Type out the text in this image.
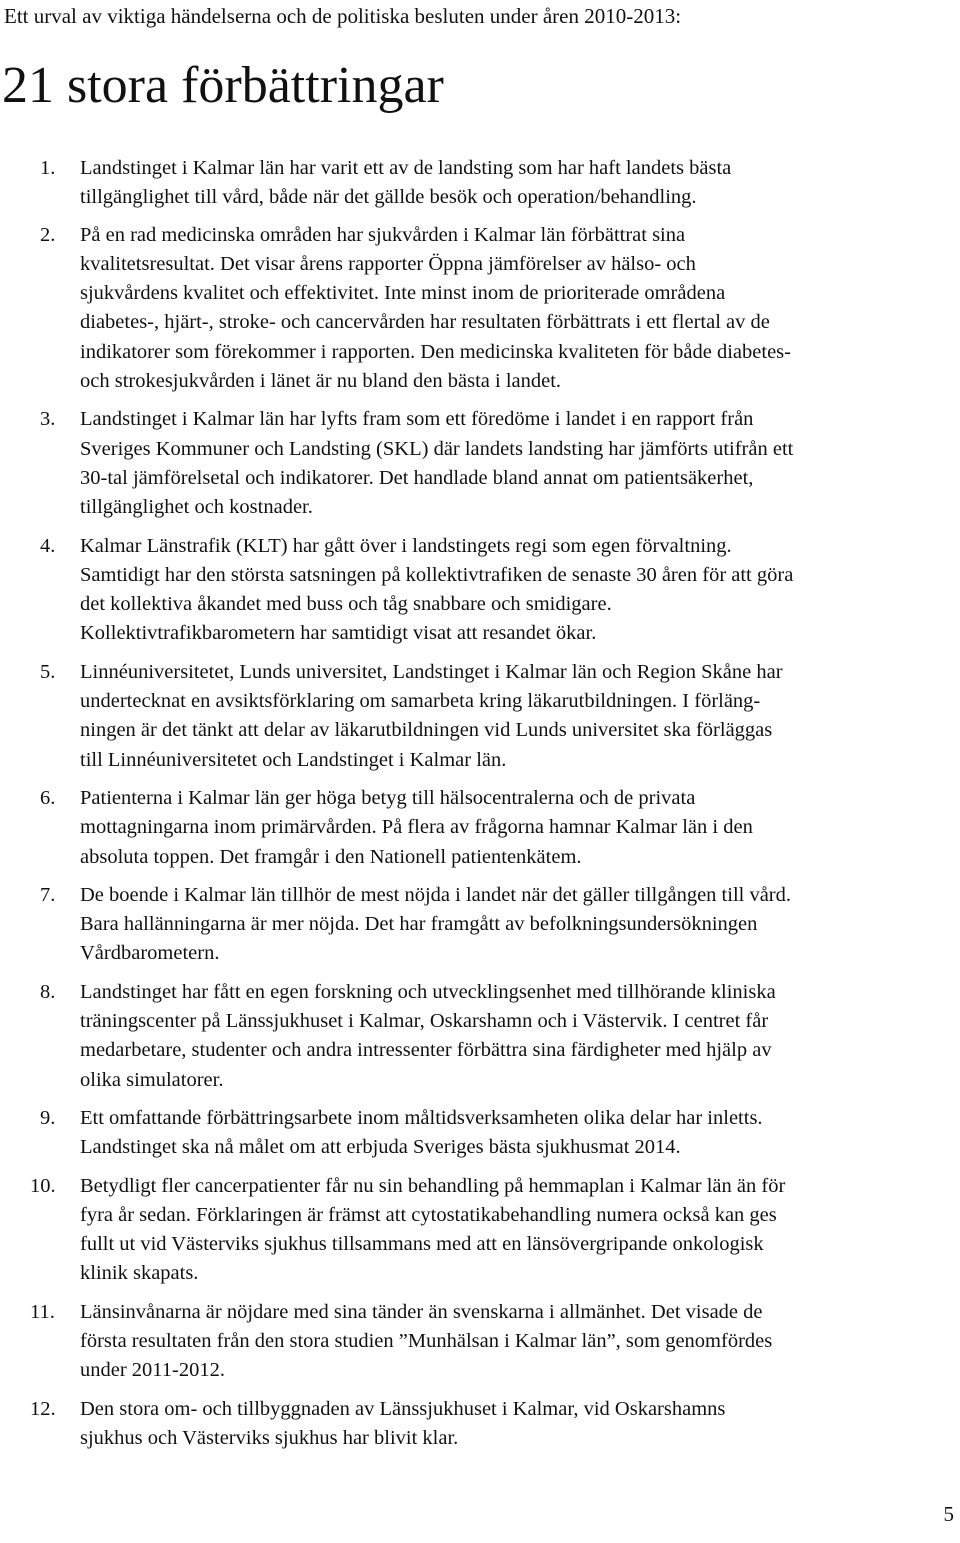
Ett urval av viktiga händelserna och de politiska besluten under åren 2010-2013:
21 stora förbättringar
1.	Landstinget i Kalmar län har varit ett av de landsting som har haft landets bästa
tillgänglighet till vård, både när det gällde besök och operation/behandling.
2.	På en rad medicinska områden har sjukvården i Kalmar län förbättrat sina
kvalitetsresultat. Det visar årens rapporter Öppna jämförelser av hälso- och
sjukvårdens kvalitet och effektivitet. Inte minst inom de prioriterade områdena
diabetes-, hjärt-, stroke- och cancervården har resultaten förbättrats i ett flertal av de
indikatorer som förekommer i rapporten. Den medicinska kvaliteten för både diabetes-
och strokesjukvården i länet är nu bland den bästa i landet.
3.	Landstinget i Kalmar län har lyfts fram som ett föredöme i landet i en rapport från
Sveriges Kommuner och Landsting (SKL) där landets landsting har jämförts utifrån ett
30-tal jämförelsetal och indikatorer. Det handlade bland annat om patientsäkerhet,
tillgänglighet och kostnader.
4.	Kalmar Länstrafik (KLT) har gått över i landstingets regi som egen förvaltning.
Samtidigt har den största satsningen på kollektivtrafiken de senaste 30 åren för att göra
det kollektiva åkandet med buss och tåg snabbare och smidigare.
Kollektivtrafikbarometern har samtidigt visat att resandet ökar.
5.	Linnéuniversitetet, Lunds universitet, Landstinget i Kalmar län och Region Skåne har
undertecknat en avsiktsförklaring om samarbeta kring läkarutbildningen. I förläng-
ningen är det tänkt att delar av läkarutbildningen vid Lunds universitet ska förläggas
till Linnéuniversitetet och Landstinget i Kalmar län.
6.	Patienterna i Kalmar län ger höga betyg till hälsocentralerna och de privata
mottagningarna inom primärvården. På flera av frågorna hamnar Kalmar län i den
absoluta toppen. Det framgår i den Nationell patientenkätem.
7.	De boende i Kalmar län tillhör de mest nöjda i landet när det gäller tillgången till vård.
Bara hallänningarna är mer nöjda. Det har framgått av befolkningsundersökningen
Vårdbarometern.
8.	Landstinget har fått en egen forskning och utvecklingsenhet med tillhörande kliniska
träningscenter på Länssjukhuset i Kalmar, Oskarshamn och i Västervik. I centret får
medarbetare, studenter och andra intressenter förbättra sina färdigheter med hjälp av
olika simulatorer.
9.	Ett omfattande förbättringsarbete inom måltidsverksamheten olika delar har inletts.
Landstinget ska nå målet om att erbjuda Sveriges bästa sjukhusmat 2014.
10.	Betydligt fler cancerpatienter får nu sin behandling på hemmaplan i Kalmar län än för
fyra år sedan. Förklaringen är främst att cytostatikabehandling numera också kan ges
fullt ut vid Västerviks sjukhus tillsammans med att en länsövergripande onkologisk
klinik skapats.
11.	Länsinvånarna är nöjdare med sina tänder än svenskarna i allmänhet. Det visade de
första resultaten från den stora studien ”Munhälsan i Kalmar län”, som genomfördes
under 2011-2012.
12.	Den stora om- och tillbyggnaden av Länssjukhuset i Kalmar, vid Oskarshamns
sjukhus och Västerviks sjukhus har blivit klar.
5
